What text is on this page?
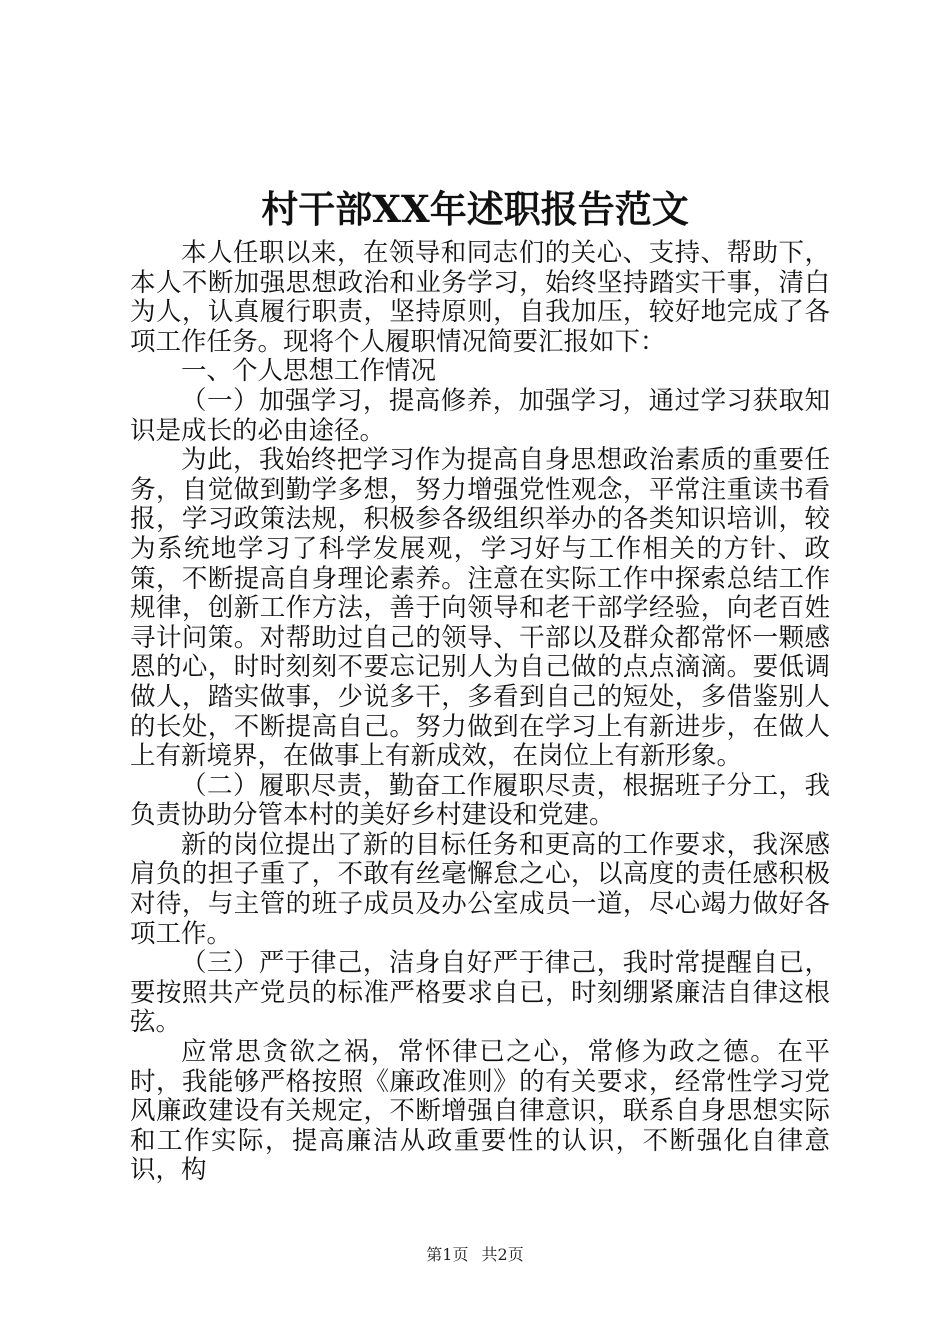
村干部XX年述职报告范文

本人任职以来，在领导和同志们的关心、支持、帮助下，本人不断加强思想政治和业务学习，始终坚持踏实干事，清白为人，认真履行职责，坚持原则，自我加压，较好地完成了各项工作任务。现将个人履职情况简要汇报如下：

一、个人思想工作情况

（一）加强学习，提高修养，加强学习，通过学习获取知识是成长的必由途径。

为此，我始终把学习作为提高自身思想政治素质的重要任务，自觉做到勤学多想，努力增强党性观念，平常注重读书看报，学习政策法规，积极参各级组织举办的各类知识培训，较为系统地学习了科学发展观，学习好与工作相关的方针、政策，不断提高自身理论素养。注意在实际工作中探索总结工作规律，创新工作方法，善于向领导和老干部学经验，向老百姓寻计问策。对帮助过自己的领导、干部以及群众都常怀一颗感恩的心，时时刻刻不要忘记别人为自己做的点点滴滴。要低调做人，踏实做事，少说多干，多看到自己的短处，多借鉴别人的长处，不断提高自己。努力做到在学习上有新进步，在做人上有新境界，在做事上有新成效，在岗位上有新形象。

（二）履职尽责，勤奋工作履职尽责，根据班子分工，我负责协助分管本村的美好乡村建设和党建。

新的岗位提出了新的目标任务和更高的工作要求，我深感肩负的担子重了，不敢有丝毫懈怠之心，以高度的责任感积极对待，与主管的班子成员及办公室成员一道，尽心竭力做好各项工作。

（三）严于律己，洁身自好严于律己，我时常提醒自已，要按照共产党员的标准严格要求自已，时刻绷紧廉洁自律这根弦。

应常思贪欲之祸，常怀律已之心，常修为政之德。在平时，我能够严格按照《廉政准则》的有关要求，经常性学习党风廉政建设有关规定，不断增强自律意识，联系自身思想实际和工作实际，提高廉洁从政重要性的认识，不断强化自律意识，构

第1页 共2页
